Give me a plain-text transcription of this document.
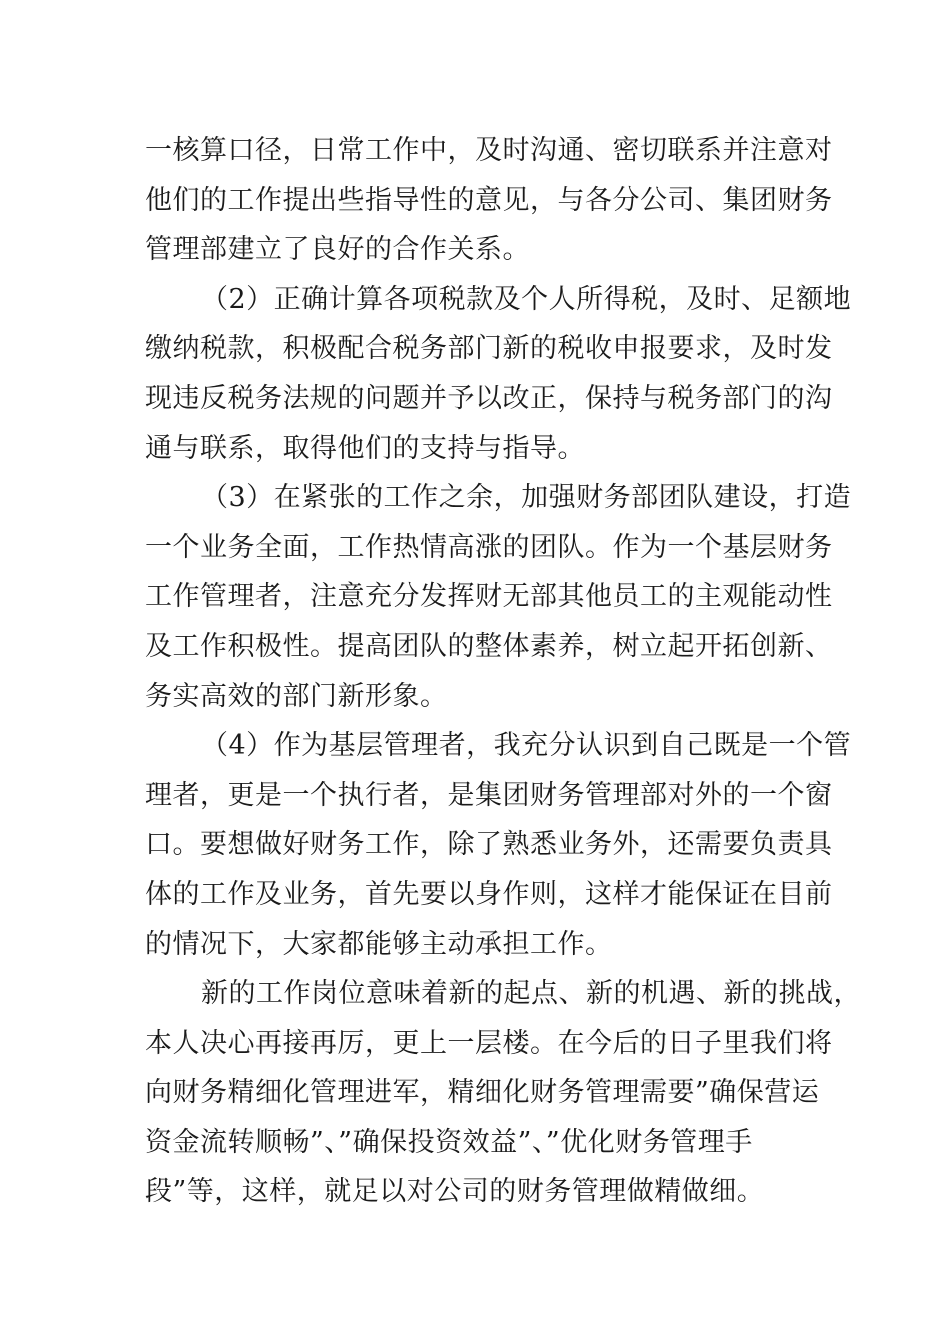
一核算口径，日常工作中，及时沟通、密切联系并注意对
他们的工作提出些指导性的意见，与各分公司、集团财务
管理部建立了良好的合作关系。
（2）正确计算各项税款及个人所得税，及时、足额地
缴纳税款，积极配合税务部门新的税收申报要求，及时发
现违反税务法规的问题并予以改正，保持与税务部门的沟
通与联系，取得他们的支持与指导。
（3）在紧张的工作之余，加强财务部团队建设，打造
一个业务全面，工作热情高涨的团队。作为一个基层财务
工作管理者，注意充分发挥财无部其他员工的主观能动性
及工作积极性。提高团队的整体素养，树立起开拓创新、
务实高效的部门新形象。
（4）作为基层管理者，我充分认识到自己既是一个管
理者，更是一个执行者，是集团财务管理部对外的一个窗
口。要想做好财务工作，除了熟悉业务外，还需要负责具
体的工作及业务，首先要以身作则，这样才能保证在目前
的情况下，大家都能够主动承担工作。
新的工作岗位意味着新的起点、新的机遇、新的挑战，
本人决心再接再厉，更上一层楼。在今后的日子里我们将
向财务精细化管理进军，精细化财务管理需要”确保营运
资金流转顺畅”、”确保投资效益”、”优化财务管理手
段”等，这样，就足以对公司的财务管理做精做细。
